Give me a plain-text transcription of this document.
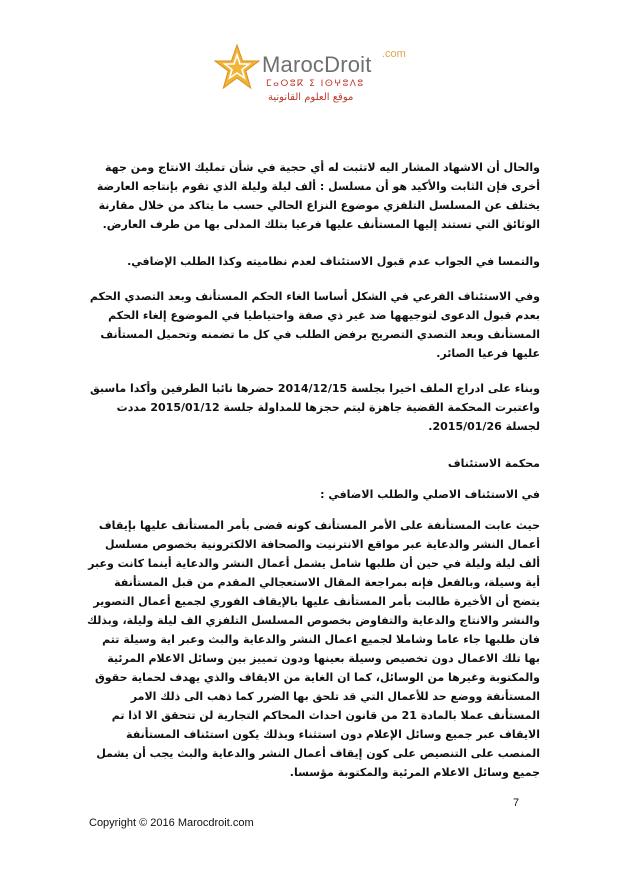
MarocDroit .com
ⵎⴰⵔⵓⴽ ⵉ ⵏⵙⵖⵓⴷⵓ
موقع العلوم القانونية

والحال أن الاشهاد المشار اليه لاتثبت له أي حجية في شأن تمليك الانتاج ومن جهة أخرى فإن الثابت والأكيد هو أن مسلسل : ألف ليلة وليلة الذي تقوم بإنتاجه العارضة يختلف عن المسلسل التلفزي موضوع النزاع الحالي حسب ما يتاكد من خلال مقارنة الوثائق التي تستند إليها المستأنف عليها فرعيا بتلك المدلى بها من طرف العارض.

والتمسا في الجواب عدم قبول الاستئناف لعدم نظاميته وكذا الطلب الإضافي.

وفي الاستئناف الفرعي في الشكل أساسا الغاء الحكم المستأنف وبعد التصدي الحكم بعدم قبول الدعوى لتوجيهها ضد غير ذي صفة واحتياطيا في الموضوع إلغاء الحكم المستأنف وبعد التصدي التصريح برفض الطلب في كل ما تضمنه وتحميل المستأنف عليها فرعيا الصائر.

وبناء على ادراج الملف اخيرا بجلسة 2014/12/15 حضرها نائبا الطرفين وأكدا ماسبق واعتبرت المحكمة القضية جاهزة ليتم حجزها للمداولة جلسة 2015/01/12 مددت لجسلة 2015/01/26.

محكمة الاستئناف

في الاستئناف الاصلي والطلب الاضافي :

حيث عابت المستأنفة على الأمر المستأنف كونه قضى بأمر المستأنف عليها بإيقاف أعمال النشر والدعاية عبر مواقع الانترنيت والصحافة الالكترونية بخصوص مسلسل ألف ليلة وليلة في حين أن طلبها شامل يشمل أعمال النشر والدعاية أينما كانت وعبر أية وسيلة، وبالفعل فإنه بمراجعة المقال الاستعجالي المقدم من قبل المستأنفة يتضح أن الأخيرة طالبت بأمر المستأنف عليها بالإيقاف الفوري لجميع أعمال التصوير والنشر والانتاج والدعاية والتفاوض بخصوص المسلسل التلفزي الف ليلة وليلة، وبذلك فان طلبها جاء عاما وشاملا لجميع اعمال النشر والدعاية والبث وعبر اية وسيلة تتم بها تلك الاعمال دون تخصيص وسيلة بعينها ودون تمييز بين وسائل الاعلام المرئية والمكتوبة وغيرها من الوسائل، كما ان الغاية من الايقاف والذي يهدف لحماية حقوق المستأنفة ووضع حد للأعمال التي قد تلحق بها الضرر كما ذهب الى ذلك الامر المستأنف عملا بالمادة 21 من قانون احداث المحاكم التجارية لن تتحقق الا اذا تم الايقاف عبر جميع وسائل الإعلام دون استثناء وبذلك يكون استئناف المستأنفة المنصب على التنصيص على كون إيقاف أعمال النشر والدعاية والبث يجب أن يشمل جميع وسائل الاعلام المرئية والمكتوبة مؤسسا.

7
Copyright © 2016 Marocdroit.com
